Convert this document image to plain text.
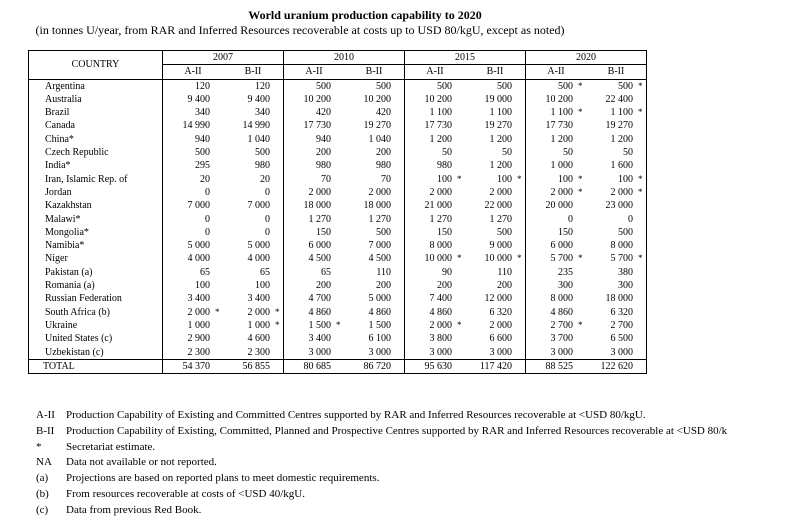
World uranium production capability to 2020
(in tonnes U/year, from RAR and Inferred Resources recoverable at costs up to USD 80/kgU, except as noted)
COUNTRY	2007				2010				2015				2020			
	A-II		B-II		A-II		B-II		A-II		B-II		A-II		B-II	
Argentina	120		120		500		500		500		500		500	*	500	*
Australia	9 400		9 400		10 200		10 200		10 200		19 000		10 200		22 400	
Brazil	340		340		420		420		1 100		1 100		1 100	*	1 100	*
Canada	14 990		14 990		17 730		19 270		17 730		19 270		17 730		19 270	
China*	940		1 040		940		1 040		1 200		1 200		1 200		1 200	
Czech Republic	500		500		200		200		50		50		50		50	
India*	295		980		980		980		980		1 200		1 000		1 600	
Iran, Islamic Rep. of	20		20		70		70		100	*	100	*	100	*	100	*
Jordan	0		0		2 000		2 000		2 000		2 000		2 000	*	2 000	*
Kazakhstan	7 000		7 000		18 000		18 000		21 000		22 000		20 000		23 000	
Malawi*	0		0		1 270		1 270		1 270		1 270		0		0	
Mongolia*	0		0		150		500		150		500		150		500	
Namibia*	5 000		5 000		6 000		7 000		8 000		9 000		6 000		8 000	
Niger	4 000		4 000		4 500		4 500		10 000	*	10 000	*	5 700	*	5 700	*
Pakistan (a)	65		65		65		110		90		110		235		380	
Romania (a)	100		100		200		200		200		200		300		300	
Russian Federation	3 400		3 400		4 700		5 000		7 400		12 000		8 000		18 000	
South Africa (b)	2 000	*	2 000	*	4 860		4 860		4 860		6 320		4 860		6 320	
Ukraine	1 000		1 000	*	1 500	*	1 500		2 000	*	2 000		2 700	*	2 700	
United States (c)	2 900		4 600		3 400		6 100		3 800		6 600		3 700		6 500	
Uzbekistan (c)	2 300		2 300		3 000		3 000		3 000		3 000		3 000		3 000	
TOTAL	54 370		56 855		80 685		86 720		95 630		117 420		88 525		122 620	
A-II	Production Capability of Existing and Committed Centres supported by RAR and Inferred Resources recoverable at <USD 80/kgU.
B-II	Production Capability of Existing, Committed, Planned and Prospective Centres supported by RAR and Inferred Resources recoverable at <USD 80/k
*	Secretariat estimate.
NA	Data not available or not reported.
(a)	Projections are based on reported plans to meet domestic requirements.
(b)	From resources recoverable at costs of <USD 40/kgU.
(c)	Data from previous Red Book.
